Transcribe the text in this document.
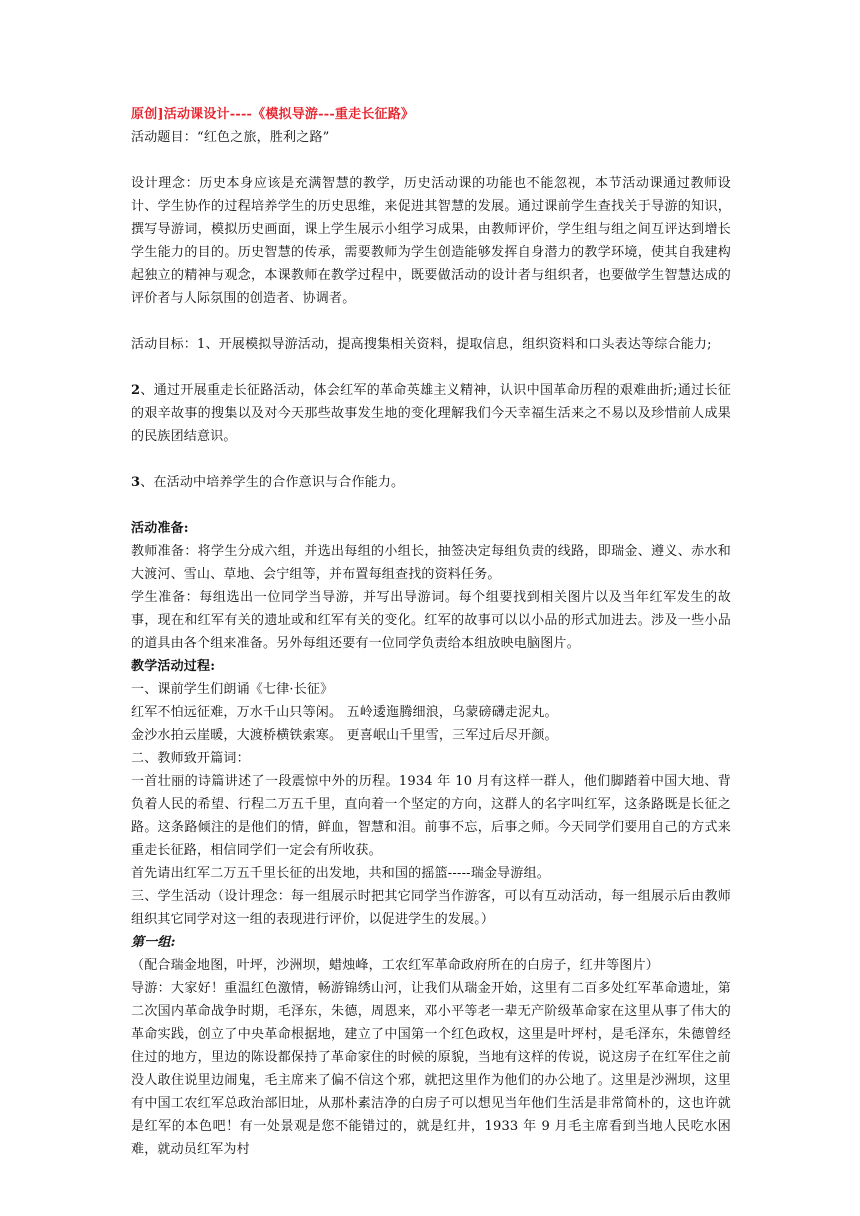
原创]活动课设计----《模拟导游---重走长征路》

活动题目：“红色之旅，胜利之路”

设计理念：历史本身应该是充满智慧的教学，历史活动课的功能也不能忽视，本节活动课通过教师设计、学生协作的过程培养学生的历史思维，来促进其智慧的发展。通过课前学生查找关于导游的知识，撰写导游词，模拟历史画面，课上学生展示小组学习成果，由教师评价，学生组与组之间互评达到增长学生能力的目的。历史智慧的传承，需要教师为学生创造能够发挥自身潜力的教学环境，使其自我建构起独立的精神与观念，本课教师在教学过程中，既要做活动的设计者与组织者，也要做学生智慧达成的评价者与人际氛围的创造者、协调者。

活动目标：1、开展模拟导游活动，提高搜集相关资料，提取信息，组织资料和口头表达等综合能力;

2、通过开展重走长征路活动，体会红军的革命英雄主义精神，认识中国革命历程的艰难曲折;通过长征的艰辛故事的搜集以及对今天那些故事发生地的变化理解我们今天幸福生活来之不易以及珍惜前人成果的民族团结意识。

3、在活动中培养学生的合作意识与合作能力。

活动准备:

教师准备：将学生分成六组，并选出每组的小组长，抽签决定每组负责的线路，即瑞金、遵义、赤水和大渡河、雪山、草地、会宁组等，并布置每组查找的资料任务。

学生准备：每组选出一位同学当导游，并写出导游词。每个组要找到相关图片以及当年红军发生的故事，现在和红军有关的遗址或和红军有关的变化。红军的故事可以以小品的形式加进去。涉及一些小品的道具由各个组来准备。另外每组还要有一位同学负责给本组放映电脑图片。

教学活动过程:

一、课前学生们朗诵《七律·长征》

红军不怕远征难，万水千山只等闲。 五岭逶迤腾细浪，乌蒙磅礴走泥丸。

金沙水拍云崖暖，大渡桥横铁索寒。 更喜岷山千里雪，三军过后尽开颜。

二、教师致开篇词：

一首壮丽的诗篇讲述了一段震惊中外的历程。1934 年 10 月有这样一群人，他们脚踏着中国大地、背负着人民的希望、行程二万五千里，直向着一个坚定的方向，这群人的名字叫红军，这条路既是长征之路。这条路倾注的是他们的情，鲜血，智慧和泪。前事不忘，后事之师。今天同学们要用自己的方式来重走长征路，相信同学们一定会有所收获。

首先请出红军二万五千里长征的出发地，共和国的摇篮-----瑞金导游组。

三、学生活动（设计理念：每一组展示时把其它同学当作游客，可以有互动活动，每一组展示后由教师组织其它同学对这一组的表现进行评价，以促进学生的发展。）

第一组:

（配合瑞金地图，叶坪，沙洲坝，蜡烛峰，工农红军革命政府所在的白房子，红井等图片）

导游：大家好！重温红色激情，畅游锦绣山河，让我们从瑞金开始，这里有二百多处红军革命遗址，第二次国内革命战争时期，毛泽东，朱德，周恩来，邓小平等老一辈无产阶级革命家在这里从事了伟大的革命实践，创立了中央革命根据地，建立了中国第一个红色政权，这里是叶坪村，是毛泽东，朱德曾经住过的地方，里边的陈设都保持了革命家住的时候的原貌，当地有这样的传说，说这房子在红军住之前没人敢住说里边闹鬼，毛主席来了偏不信这个邪，就把这里作为他们的办公地了。这里是沙洲坝，这里有中国工农红军总政治部旧址，从那朴素洁净的白房子可以想见当年他们生活是非常简朴的，这也许就是红军的本色吧！有一处景观是您不能错过的，就是红井，1933 年 9 月毛主席看到当地人民吃水困难，就动员红军为村
